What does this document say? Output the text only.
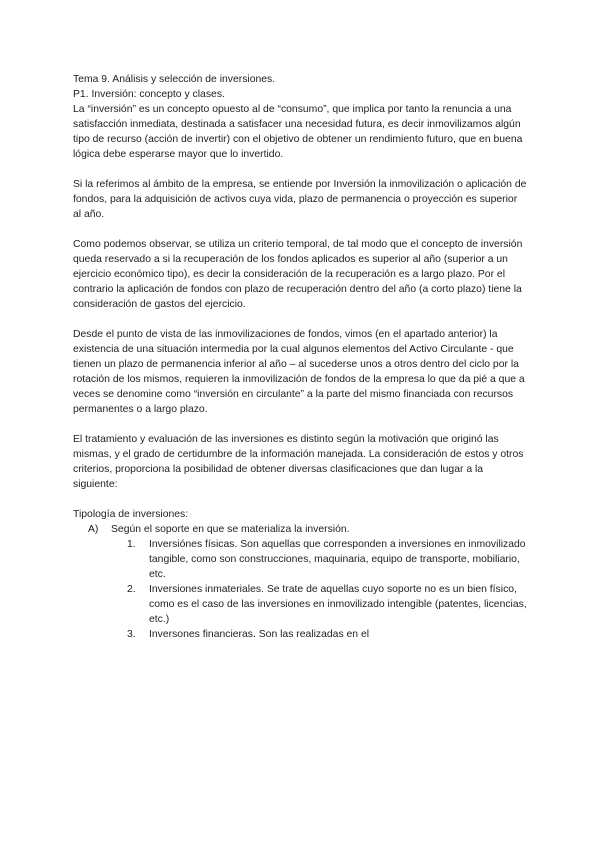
Tema 9. Análisis y selección de inversiones.

P1. Inversión: concepto y clases.

La “inversión” es un concepto opuesto al de “consumo”, que implica por tanto la renuncia a una satisfacción inmediata, destinada a satisfacer una necesidad futura, es decir inmovilizamos algún tipo de recurso (acción de invertir) con el objetivo de obtener un rendimiento futuro, que en buena lógica debe esperarse mayor que lo invertido.

Si la referimos al ámbito de la empresa, se entiende por Inversión la inmovilización o aplicación de fondos, para la adquisición de activos cuya vida, plazo de permanencia o proyección es superior al año.

Como podemos observar, se utiliza un criterio temporal, de tal modo que el concepto de inversión queda reservado a si la recuperación de los fondos aplicados es superior al año (superior a un ejercicio económico tipo), es decir la consideración de la recuperación es a largo plazo. Por el contrario la aplicación de fondos con plazo de recuperación dentro del año (a corto plazo) tiene la consideración de gastos del ejercicio.

Desde el punto de vista de las inmovilizaciones de fondos, vimos (en el apartado anterior) la existencia de una situación intermedia por la cual algunos elementos del Activo Circulante - que tienen un plazo de permanencia inferior al año – al sucederse unos a otros dentro del ciclo por la rotación de los mismos, requieren la inmovilización de fondos de la empresa lo que da pié a que a veces se denomine como “inversión en circulante” a la parte del mismo financiada con recursos permanentes o a largo plazo.

El tratamiento y evaluación de las inversiones es distinto según la motivación que originó las mismas, y el grado de certidumbre de la información manejada. La consideración de estos y otros criterios, proporciona la posibilidad de obtener diversas clasificaciones que dan lugar a la siguiente:

Tipología de inversiones:

A) Según el soporte en que se materializa la inversión.
1. Inversiónes físicas. Son aquellas que corresponden a inversiones en inmovilizado tangible, como son construcciones, maquinaria, equipo de transporte, mobiliario, etc.
2. Inversiones inmateriales. Se trate de aquellas cuyo soporte no es un bien físico, como es el caso de las inversiones en inmovilizado intengible (patentes, licencias, etc.)
3. Inversones financieras. Son las realizadas en el
